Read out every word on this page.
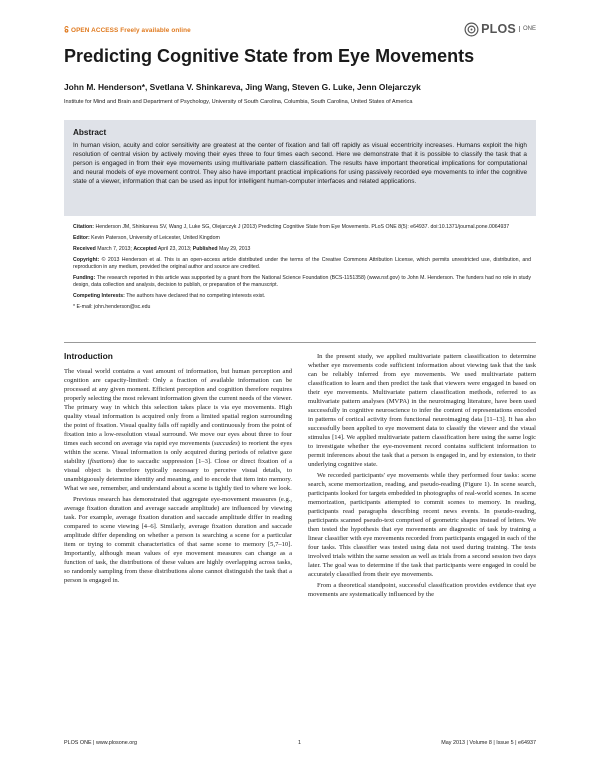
OPEN ACCESS Freely available online	PLOS	ONE
Predicting Cognitive State from Eye Movements
John M. Henderson*, Svetlana V. Shinkareva, Jing Wang, Steven G. Luke, Jenn Olejarczyk
Institute for Mind and Brain and Department of Psychology, University of South Carolina, Columbia, South Carolina, United States of America
Abstract
In human vision, acuity and color sensitivity are greatest at the center of fixation and fall off rapidly as visual eccentricity increases. Humans exploit the high resolution of central vision by actively moving their eyes three to four times each second. Here we demonstrate that it is possible to classify the task that a person is engaged in from their eye movements using multivariate pattern classification. The results have important theoretical implications for computational and neural models of eye movement control. They also have important practical implications for using passively recorded eye movements to infer the cognitive state of a viewer, information that can be used as input for intelligent human-computer interfaces and related applications.

Citation: Henderson JM, Shinkareva SV, Wang J, Luke SG, Olejarczyk J (2013) Predicting Cognitive State from Eye Movements. PLoS ONE 8(5): e64937. doi:10.1371/journal.pone.0064937

Editor: Kevin Paterson, University of Leicester, United Kingdom

Received March 7, 2013; Accepted April 23, 2013; Published May 29, 2013

Copyright: © 2013 Henderson et al. This is an open-access article distributed under the terms of the Creative Commons Attribution License, which permits unrestricted use, distribution, and reproduction in any medium, provided the original author and source are credited.

Funding: The research reported in this article was supported by a grant from the National Science Foundation (BCS-1151358) (www.nsf.gov) to John M. Henderson. The funders had no role in study design, data collection and analysis, decision to publish, or preparation of the manuscript.

Competing Interests: The authors have declared that no competing interests exist.

* E-mail: john.henderson@sc.edu

Introduction

The visual world contains a vast amount of information, but human perception and cognition are capacity-limited: Only a fraction of available information can be processed at any given moment. Efficient perception and cognition therefore requires properly selecting the most relevant information given the current needs of the viewer. The primary way in which this selection takes place is via eye movements. High quality visual information is acquired only from a limited spatial region surrounding the point of fixation. Visual quality falls off rapidly and continuously from the point of fixation into a low-resolution visual surround. We move our eyes about three to four times each second on average via rapid eye movements (saccades) to reorient the eyes within the scene. Visual information is only acquired during periods of relative gaze stability (fixations) due to saccadic suppression [1–3]. Close or direct fixation of a visual object is therefore typically necessary to perceive visual details, to unambiguously determine identity and meaning, and to encode that item into memory. What we see, remember, and understand about a scene is tightly tied to where we look.

Previous research has demonstrated that aggregate eye-movement measures (e.g., average fixation duration and average saccade amplitude) are influenced by viewing task. For example, average fixation duration and saccade amplitude differ in reading compared to scene viewing [4–6]. Similarly, average fixation duration and saccade amplitude differ depending on whether a person is searching a scene for a particular item or trying to commit characteristics of that same scene to memory [5,7–10]. Importantly, although mean values of eye movement measures can change as a function of task, the distributions of these values are highly overlapping across tasks, so randomly sampling from these distributions alone cannot distinguish the task that a person is engaged in.

In the present study, we applied multivariate pattern classification to determine whether eye movements code sufficient information about viewing task that the task can be reliably inferred from eye movements. We used multivariate pattern classification to learn and then predict the task that viewers were engaged in based on their eye movements. Multivariate pattern classification methods, referred to as multivariate pattern analyses (MVPA) in the neuroimaging literature, have been used successfully in cognitive neuroscience to infer the content of representations encoded in patterns of cortical activity from functional neuroimaging data [11–13]. It has also successfully been applied to eye movement data to classify the viewer and the visual stimulus [14]. We applied multivariate pattern classification here using the same logic to investigate whether the eye-movement record contains sufficient information to permit inferences about the task that a person is engaged in, and by extension, to their underlying cognitive state.

We recorded participants' eye movements while they performed four tasks: scene search, scene memorization, reading, and pseudo-reading (Figure 1). In scene search, participants looked for targets embedded in photographs of real-world scenes. In scene memorization, participants attempted to commit scenes to memory. In reading, participants read paragraphs describing recent news events. In pseudo-reading, participants scanned pseudo-text comprised of geometric shapes instead of letters. We then tested the hypothesis that eye movements are diagnostic of task by training a linear classifier with eye movements recorded from participants engaged in each of the four tasks. This classifier was tested using data not used during training. The tests involved trials within the same session as well as trials from a second session two days later. The goal was to determine if the task that participants were engaged in could be accurately classified from their eye movements.

From a theoretical standpoint, successful classification provides evidence that eye movements are systematically influenced by the

PLOS ONE | www.plosone.org	1	May 2013 | Volume 8 | Issue 5 | e64937
